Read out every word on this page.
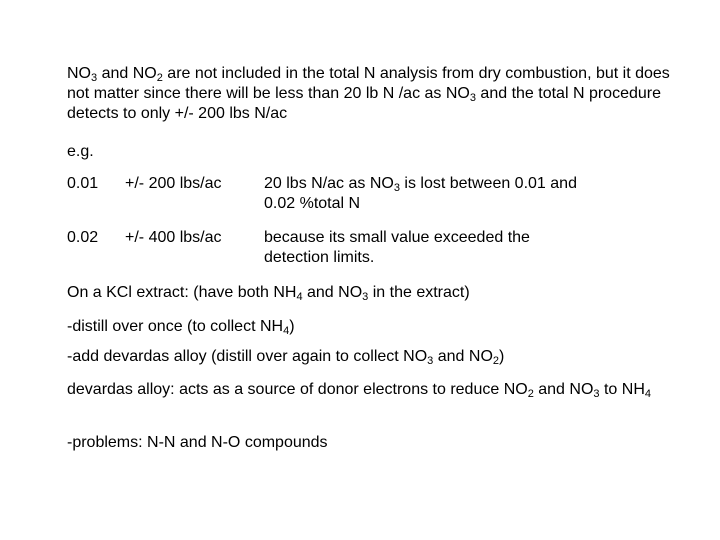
$NO_3$ and $NO_2$ are not included in the total N analysis from dry combustion, but it does not matter since there will be less than 20 lb N /ac as $NO_3$ and the total N procedure detects to only +/- 200 lbs N/ac

e.g.

0.01 +/- 200 lbs/ac	20 lbs N/ac as $NO_3$ is lost between 0.01 and 0.02 %total N
0.02 +/- 400 lbs/ac	because its small value exceeded the detection limits.

On a KCl extract: (have both $NH_4$ and $NO_3$ in the extract)

-distill over once (to collect $NH_4$)

-add devardas alloy (distill over again to collect $NO_3$ and $NO_2$)

devardas alloy: acts as a source of donor electrons to reduce $NO_2$ and $NO_3$ to $NH_4$

-problems: N-N and N-O compounds
